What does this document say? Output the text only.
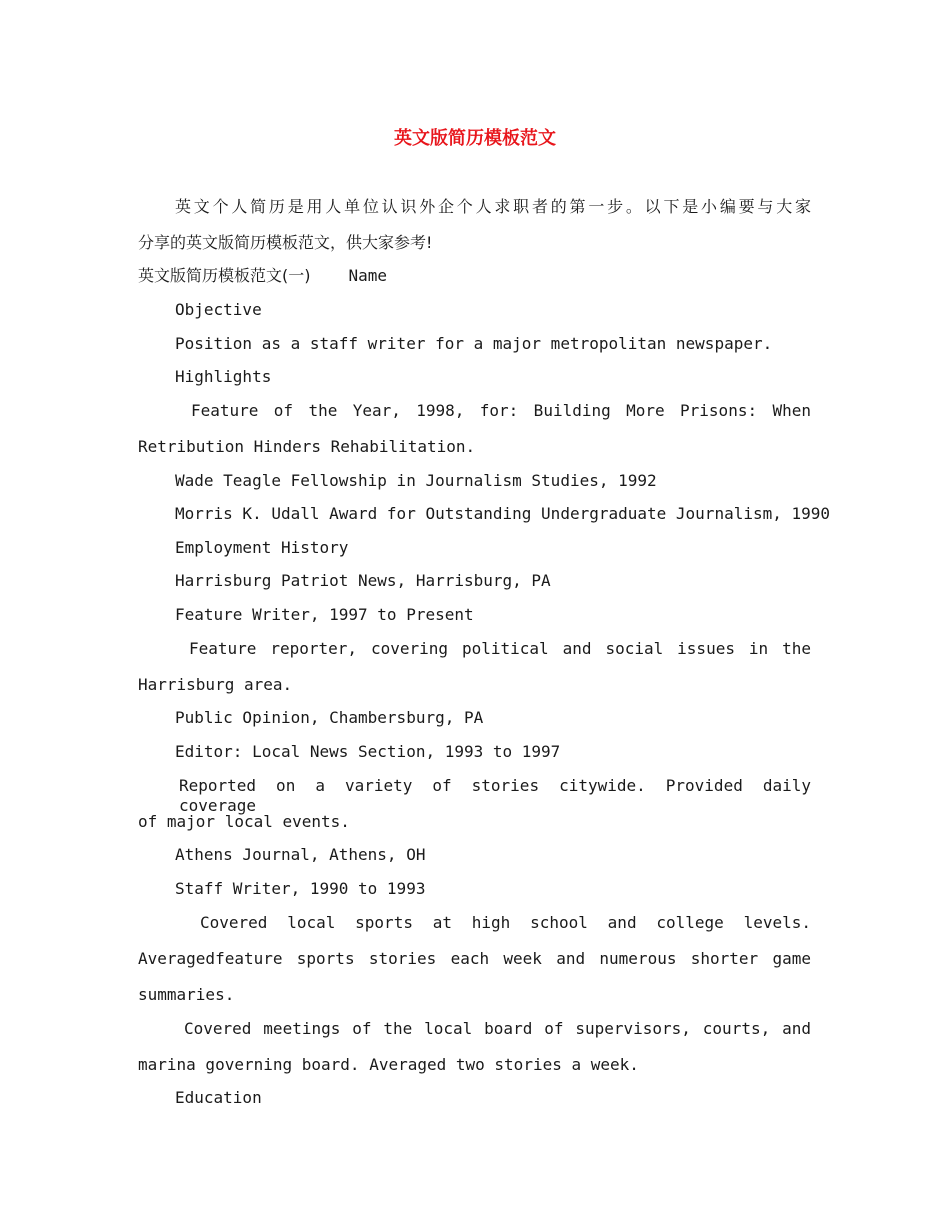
英文版简历模板范文
英文个人简历是用人单位认识外企个人求职者的第一步。以下是小编要与大家
分享的英文版简历模板范文，供大家参考!
英文版简历模板范文(一) Name
Objective
Position as a staff writer for a major metropolitan newspaper.
Highlights
Feature of the Year, 1998, for: Building More Prisons: When
Retribution Hinders Rehabilitation.
Wade Teagle Fellowship in Journalism Studies, 1992
Morris K. Udall Award for Outstanding Undergraduate Journalism, 1990
Employment History
Harrisburg Patriot News, Harrisburg, PA
Feature Writer, 1997 to Present
Feature reporter, covering political and social issues in the
Harrisburg area.
Public Opinion, Chambersburg, PA
Editor: Local News Section, 1993 to 1997
Reported on a variety of stories citywide. Provided daily coverage
of major local events.
Athens Journal, Athens, OH
Staff Writer, 1990 to 1993
Covered local sports at high school and college levels.
Averagedfeature sports stories each week and numerous shorter game
summaries.
Covered meetings of the local board of supervisors, courts, and
marina governing board. Averaged two stories a week.
Education
